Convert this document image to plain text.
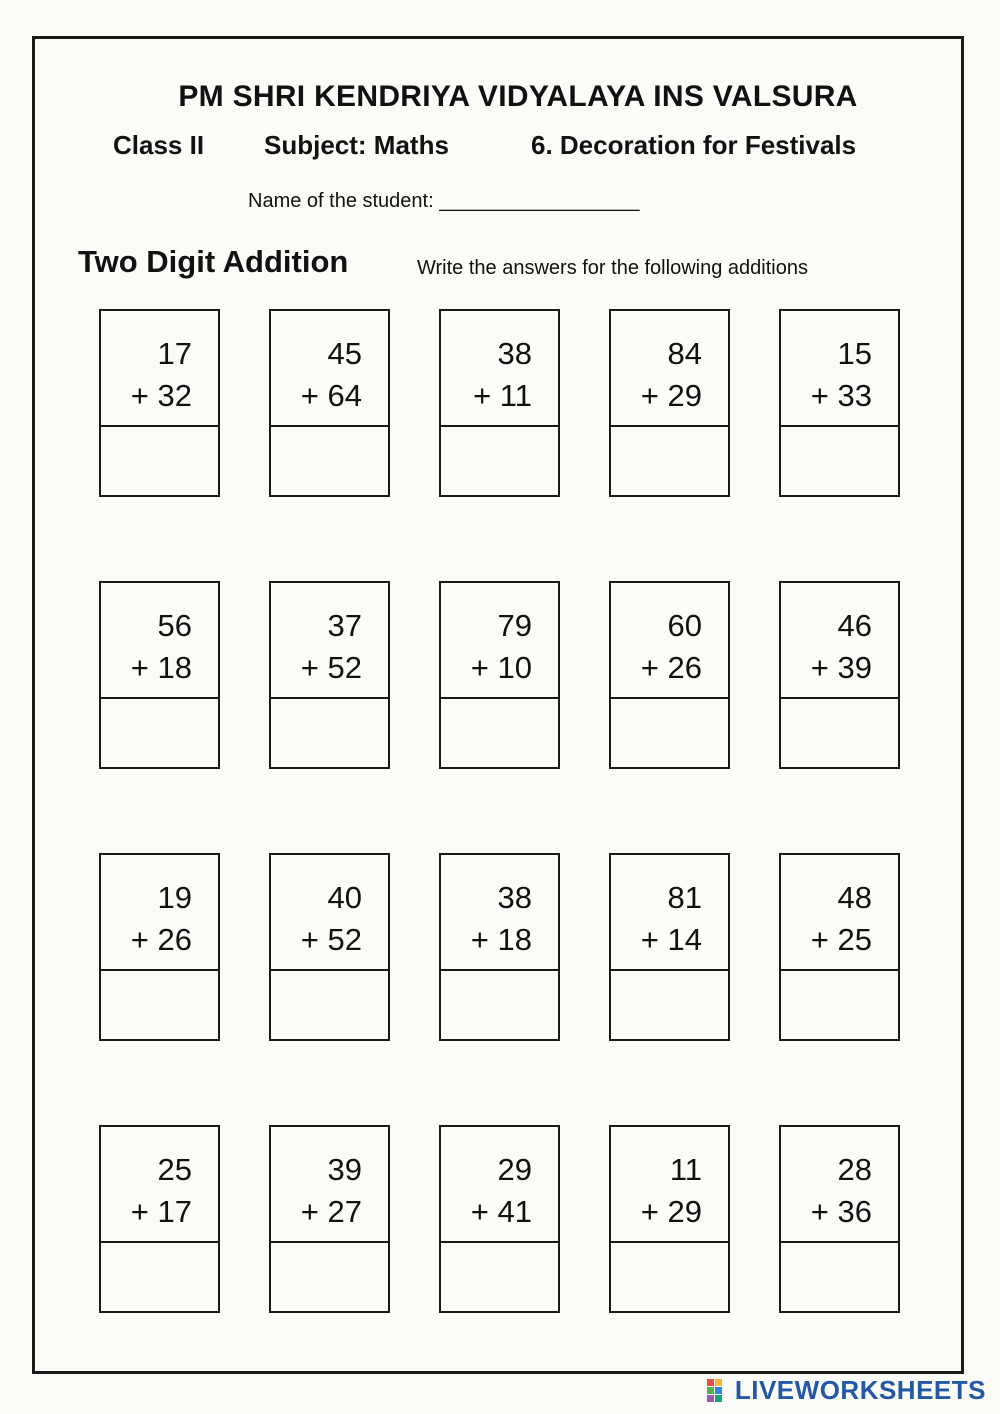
PM SHRI KENDRIYA VIDYALAYA INS VALSURA
Class II Subject: Maths	6. Decoration for Festivals
Name of the student: __________________
Two Digit Addition	Write the answers for the following additions
17
+ 32
45
+ 64
38
+ 11
84
+ 29
15
+ 33
56
+ 18
37
+ 52
79
+ 10
60
+ 26
46
+ 39
19
+ 26
40
+ 52
38
+ 18
81
+ 14
48
+ 25
25
+ 17
39
+ 27
29
+ 41
11
+ 29
28
+ 36
LIVEWORKSHEETS
